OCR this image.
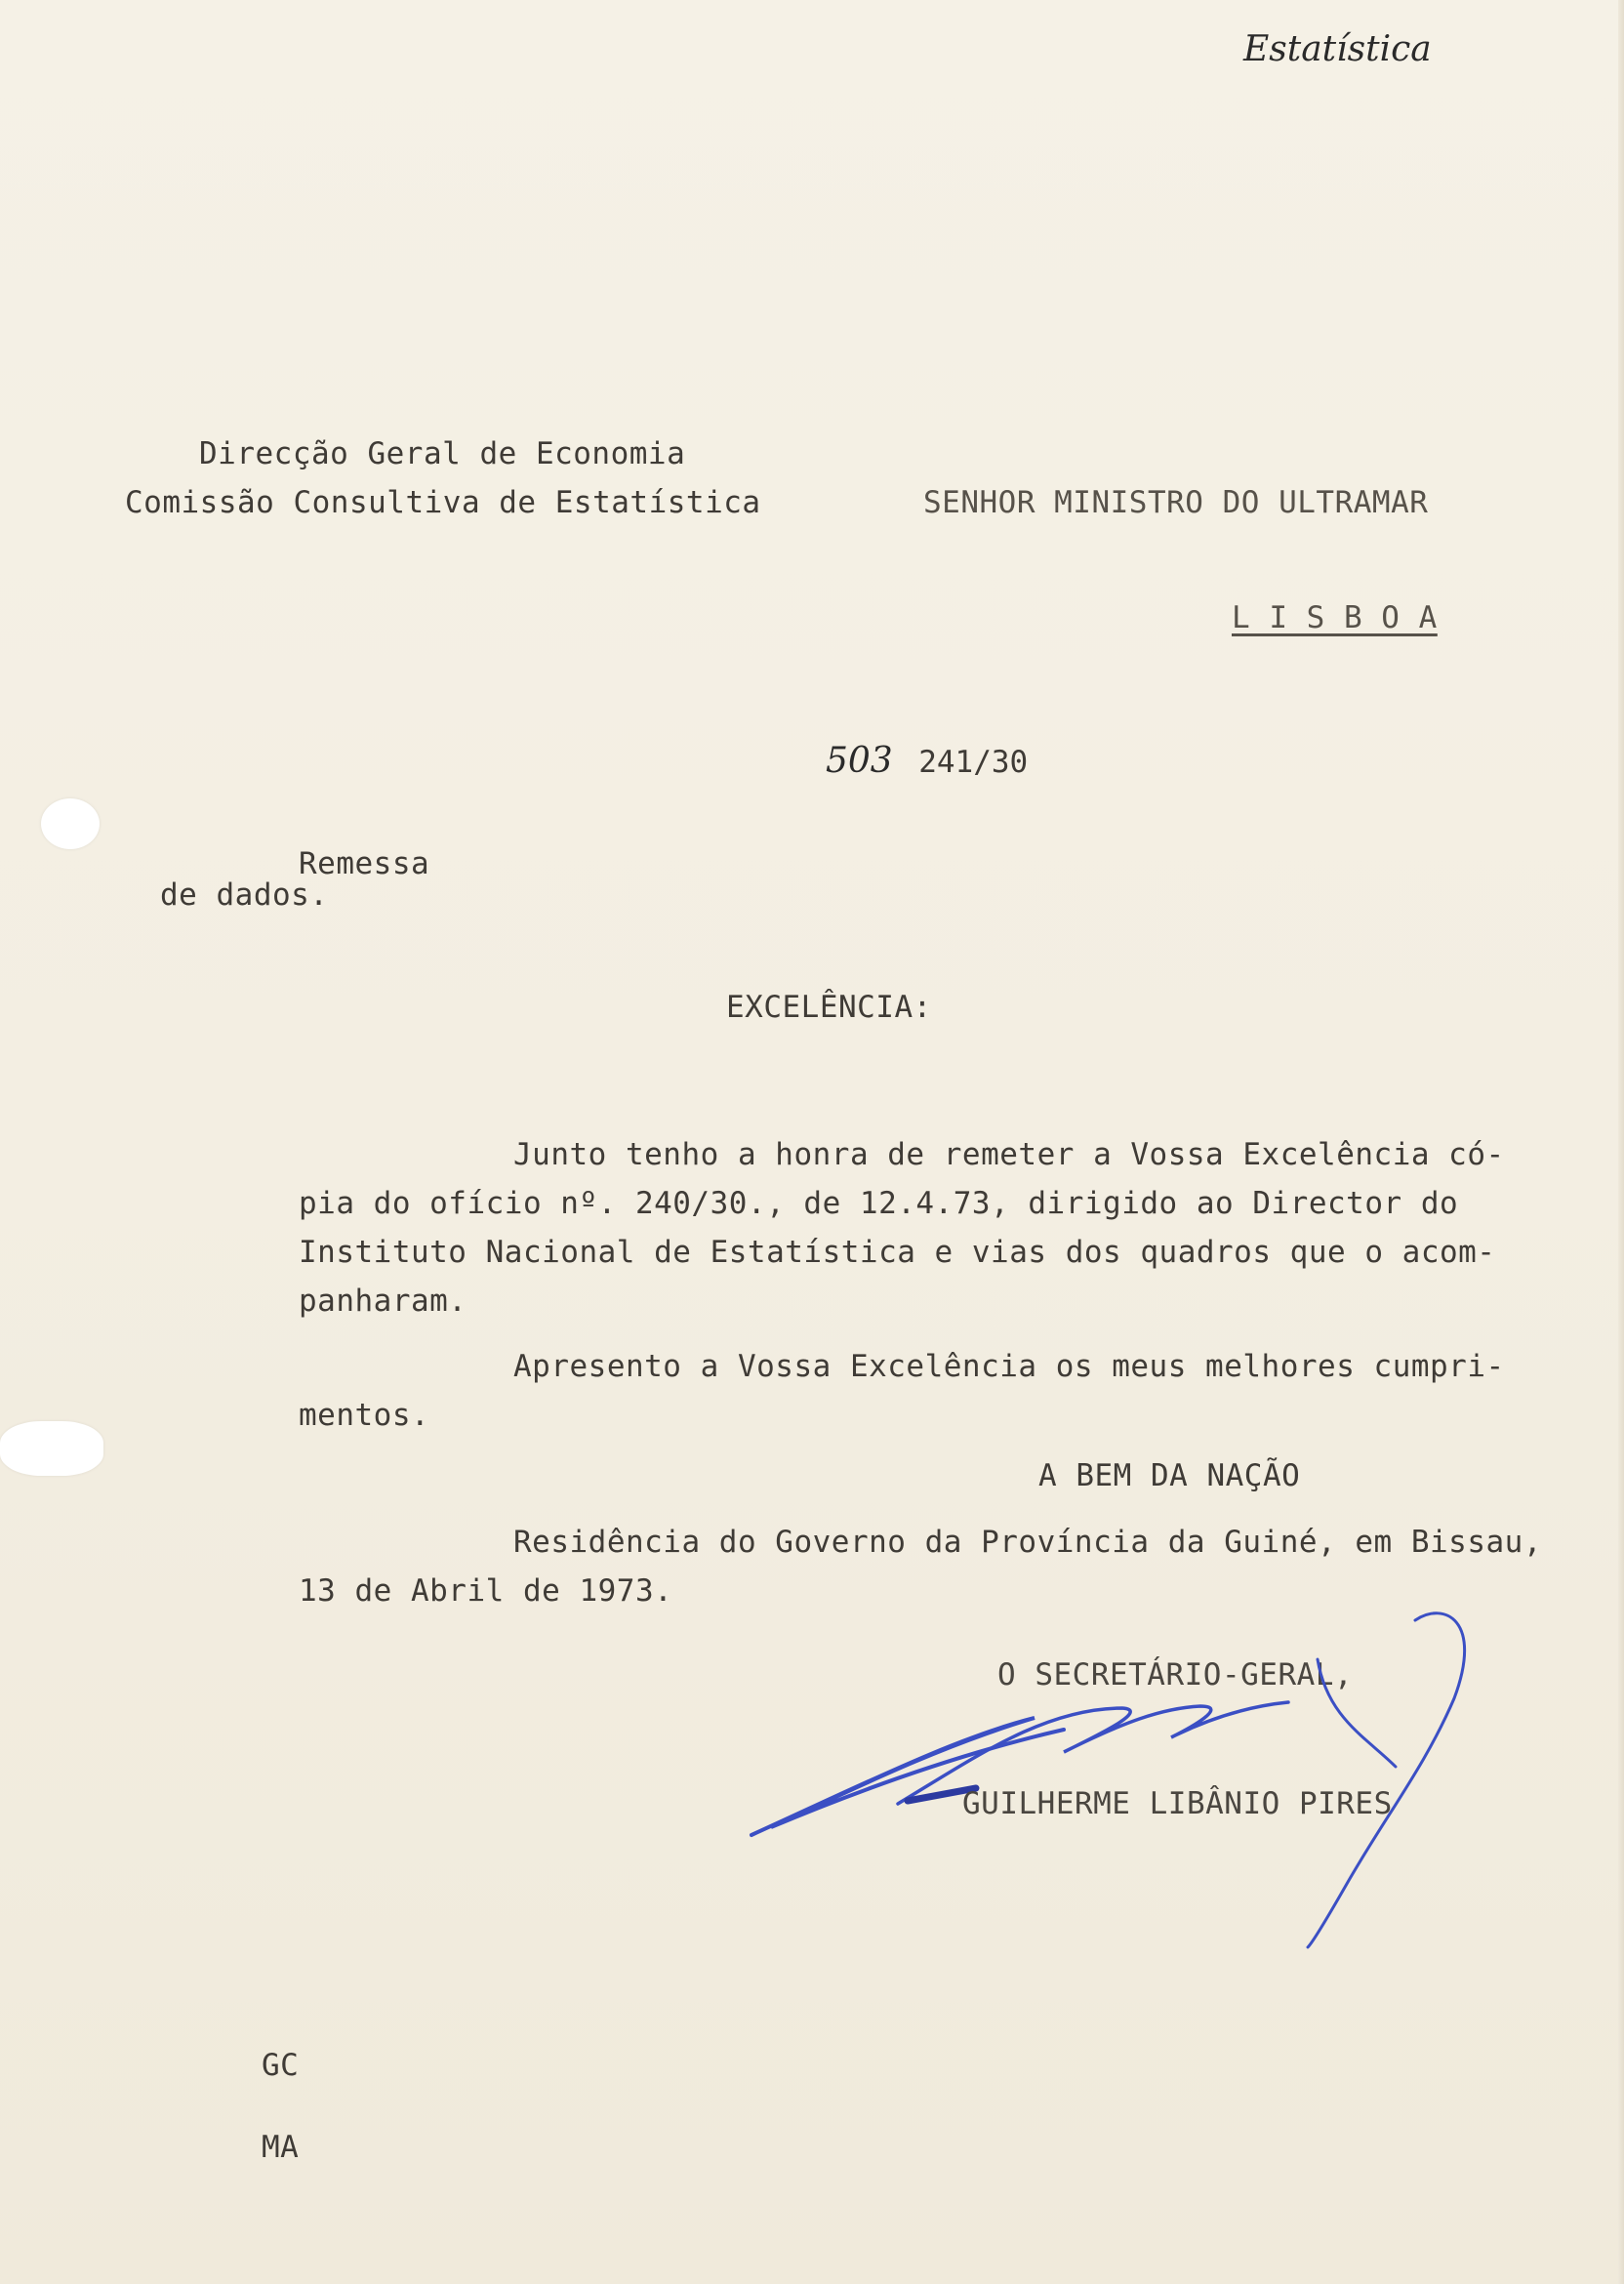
Estatística
Direcção Geral de Economia
Comissão Consultiva de Estatística	SENHOR MINISTRO DO ULTRAMAR
L I S B O A
503 241/30
Remessa
de dados.
EXCELÊNCIA:
Junto tenho a honra de remeter a Vossa Excelência có-
pia do ofício nº. 240/30., de 12.4.73, dirigido ao Director do
Instituto Nacional de Estatística e vias dos quadros que o acom-
panharam.
Apresento a Vossa Excelência os meus melhores cumpri-
mentos.
A BEM DA NAÇÃO
Residência do Governo da Província da Guiné, em Bissau,
13 de Abril de 1973.
O SECRETÁRIO-GERAL,
GUILHERME LIBÂNIO PIRES
GC
MA
